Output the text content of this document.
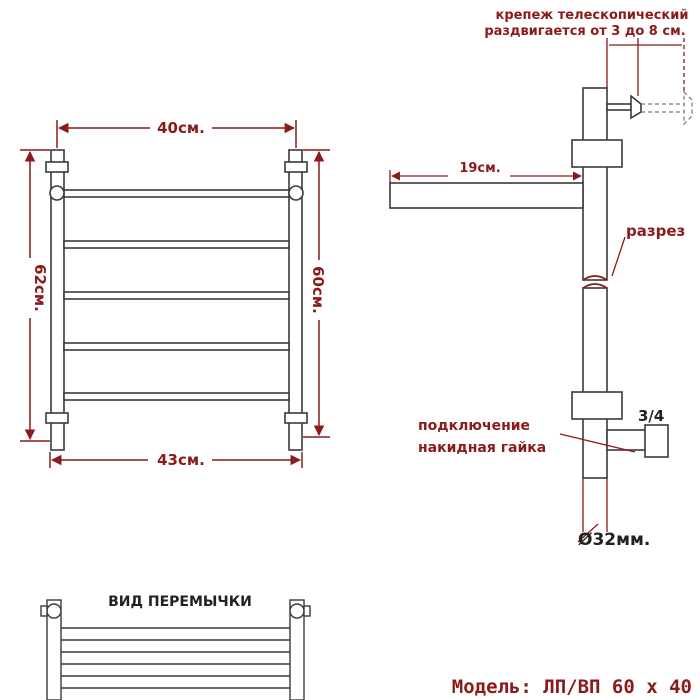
40см.
43см.
62см.	60см.
крепеж телескопический
раздвигается от 3 до 8 см.
19см.
разрез
3/4
подключение
накидная гайка
Ø32мм.
ВИД ПЕРЕМЫЧКИ
Модель: ЛП/ВП 60 х 40
